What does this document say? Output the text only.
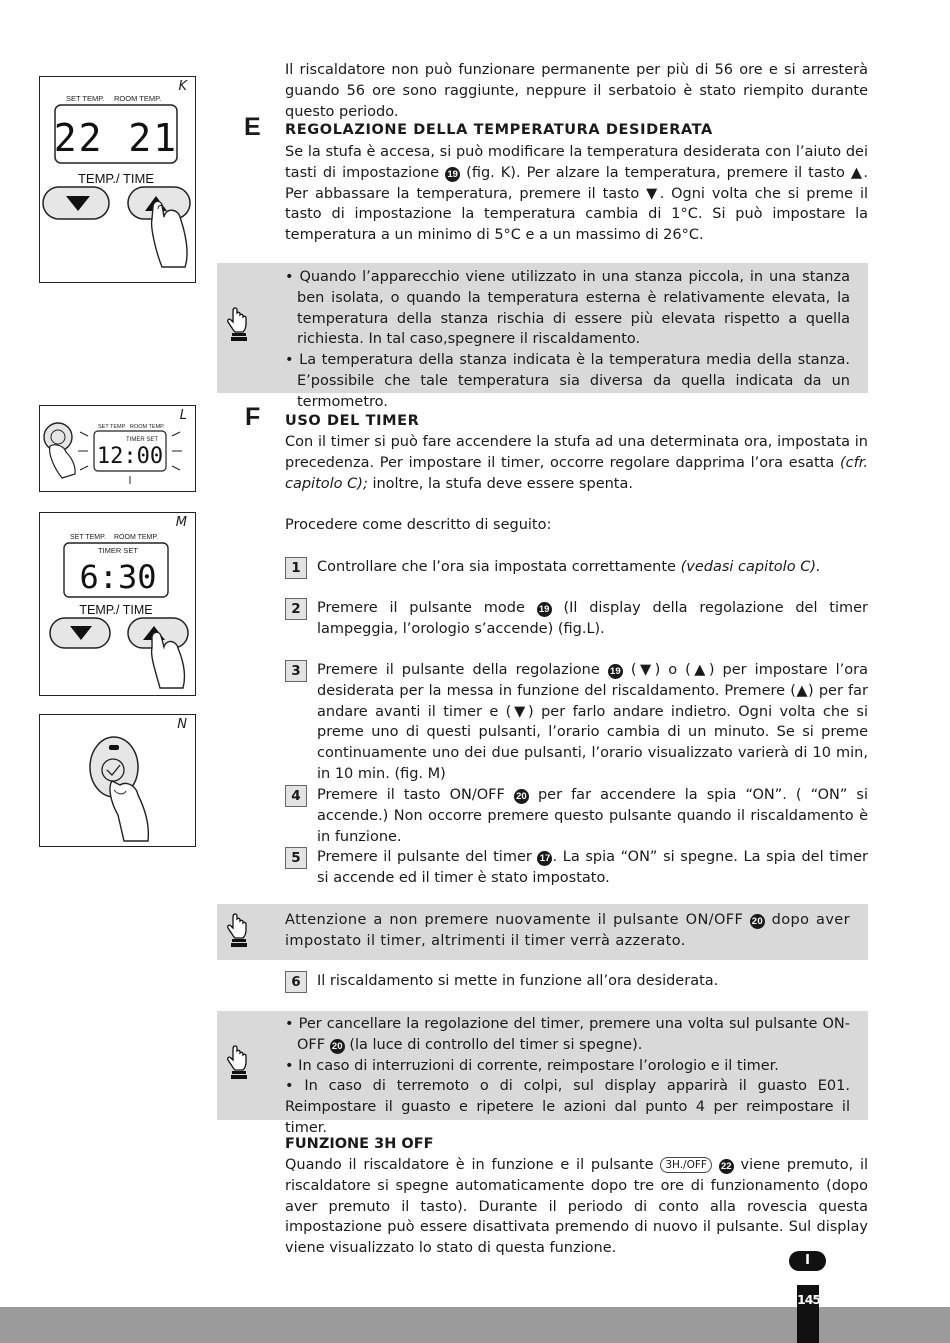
K
SET TEMP. ROOM TEMP.
22 21
TEMP./ TIME
L
SET TEMP. ROOM TEMP.
TIMER SET
12:00
M
SET TEMP. ROOM TEMP.
TIMER SET
6:30
TEMP./ TIME
N

Il riscaldatore non può funzionare permanente per più di 56 ore e si arresterà guando 56 ore sono raggiunte, neppure il serbatoio è stato riempito durante questo periodo.

E REGOLAZIONE DELLA TEMPERATURA DESIDERATA

Se la stufa è accesa, si può modificare la temperatura desiderata con l’aiuto dei tasti di impostazione 19 (fig. K). Per alzare la temperatura, premere il tasto ▲. Per abbassare la temperatura, premere il tasto ▼. Ogni volta che si preme il tasto di impostazione la temperatura cambia di 1°C. Si può impostare la temperatura a un minimo di 5°C e a un massimo di 26°C.

• Quando l’apparecchio viene utilizzato in una stanza piccola, in una stanza ben isolata, o quando la temperatura esterna è relativamente elevata, la temperatura della stanza rischia di essere più elevata rispetto a quella richiesta. In tal caso,spegnere il riscaldamento.
• La temperatura della stanza indicata è la temperatura media della stanza. E’possibile che tale temperatura sia diversa da quella indicata da un termometro.
F USO DEL TIMER

Con il timer si può fare accendere la stufa ad una determinata ora, impostata in precedenza. Per impostare il timer, occorre regolare dapprima l’ora esatta (cfr. capitolo C); inoltre, la stufa deve essere spenta.

Procedere come descritto di seguito:
1	Controllare che l’ora sia impostata correttamente (vedasi capitolo C).
2	Premere il pulsante mode 19 (Il display della regolazione del timer lampeggia, l’orologio s’accende) (fig.L).
3	Premere il pulsante della regolazione 19 (▼) o (▲) per impostare l’ora desiderata per la messa in funzione del riscaldamento. Premere (▲) per far andare avanti il timer e (▼) per farlo andare indietro. Ogni volta che si preme uno di questi pulsanti, l’orario cambia di un minuto. Se si preme continuamente uno dei due pulsanti, l’orario visualizzato varierà di 10 min, in 10 min. (fig. M)
4	Premere il tasto ON/OFF 20 per far accendere la spia “ON”. ( “ON” si accende.) Non occorre premere questo pulsante quando il riscaldamento è in funzione.
5	Premere il pulsante del timer 17 . La spia “ON” si spegne. La spia del timer si accende ed il timer è stato impostato.
Attenzione a non premere nuovamente il pulsante ON/OFF 20 dopo aver impostato il timer, altrimenti il timer verrà azzerato.
6	Il riscaldamento si mette in funzione all’ora desiderata.
• Per cancellare la regolazione del timer, premere una volta sul pulsante ON-OFF 20 (la luce di controllo del timer si spegne).
• In caso di interruzioni di corrente, reimpostare l’orologio e il timer.
• In caso di terremoto o di colpi, sul display apparirà il guasto E01. Reimpostare il guasto e ripetere le azioni dal punto 4 per reimpostare il timer.
FUNZIONE 3H OFF

Quando il riscaldatore è in funzione e il pulsante 3H./OFF 22 viene premuto, il riscaldatore si spegne automaticamente dopo tre ore di funzionamento (dopo aver premuto il tasto). Durante il periodo di conto alla rovescia questa impostazione può essere disattivata premendo di nuovo il pulsante. Sul display viene visualizzato lo stato di questa funzione.

I
145
